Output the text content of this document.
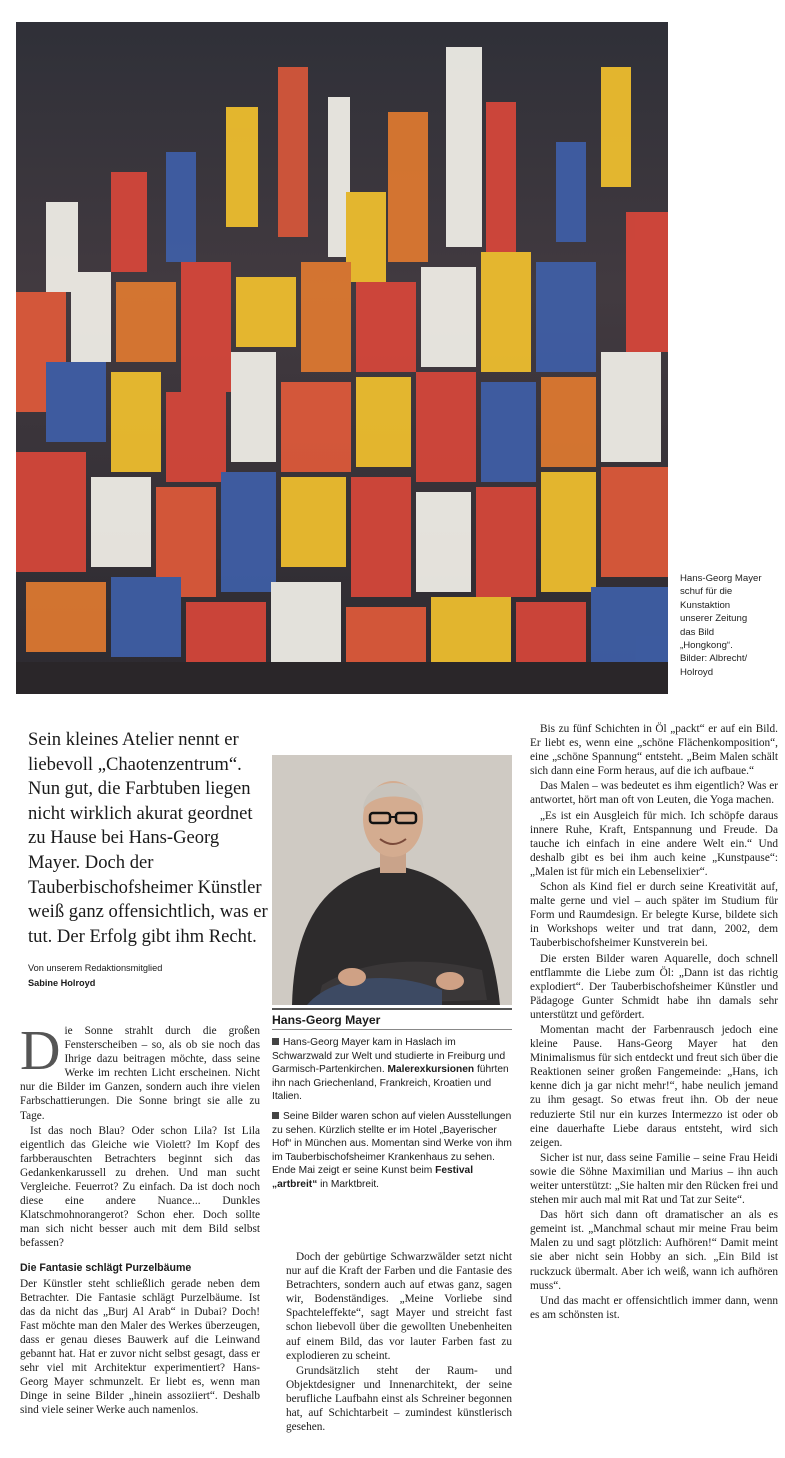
Hans-Georg Mayer
schuf für die
Kunstaktion
unserer Zeitung
das Bild
„Hongkong“.
Bilder: Albrecht/
Holroyd

Sein kleines Atelier nennt er liebevoll „Chaotenzentrum“. Nun gut, die Farbtuben liegen nicht wirklich akurat geordnet zu Hause bei Hans-Georg Mayer. Doch der Tauberbischofsheimer Künstler weiß ganz offensichtlich, was er tut. Der Erfolg gibt ihm Recht.

Von unserem Redaktionsmitglied
Sabine Holroyd

Die Sonne strahlt durch die großen Fensterscheiben – so, als ob sie noch das Ihrige dazu beitragen möchte, dass seine Werke im rechten Licht erscheinen. Nicht nur die Bilder im Ganzen, sondern auch ihre vielen Farbschattierungen. Die Sonne bringt sie alle zu Tage.

Ist das noch Blau? Oder schon Lila? Ist Lila eigentlich das Gleiche wie Violett? Im Kopf des farbberauschten Betrachters beginnt sich das Gedankenkarussell zu drehen. Und man sucht Vergleiche. Feuerrot? Zu einfach. Da ist doch noch diese eine andere Nuance... Dunkles Klatschmohnorangerot? Schon eher. Doch sollte man sich nicht besser auch mit dem Bild selbst befassen?

Die Fantasie schlägt Purzelbäume

Der Künstler steht schließlich gerade neben dem Betrachter. Die Fantasie schlägt Purzelbäume. Ist das da nicht das „Burj Al Arab“ in Dubai? Doch! Fast möchte man den Maler des Werkes überzeugen, dass er genau dieses Bauwerk auf die Leinwand gebannt hat. Hat er zuvor nicht selbst gesagt, dass er sehr viel mit Architektur experimentiert? Hans-Georg Mayer schmunzelt. Er liebt es, wenn man Dinge in seine Bilder „hinein assoziiert“. Deshalb sind viele seiner Werke auch namenlos.

Hans-Georg Mayer

Hans-Georg Mayer kam in Haslach im Schwarzwald zur Welt und studierte in Freiburg und Garmisch-Partenkirchen. Malerexkursionen führten ihn nach Griechenland, Frankreich, Kroatien und Italien.

Seine Bilder waren schon auf vielen Ausstellungen zu sehen. Kürzlich stellte er im Hotel „Bayerischer Hof“ in München aus. Momentan sind Werke von ihm im Tauberbischofsheimer Krankenhaus zu sehen. Ende Mai zeigt er seine Kunst beim Festival „artbreit“ in Marktbreit.

Doch der gebürtige Schwarzwälder setzt nicht nur auf die Kraft der Farben und die Fantasie des Betrachters, sondern auch auf etwas ganz, sagen wir, Bodenständiges. „Meine Vorliebe sind Spachteleffekte“, sagt Mayer und streicht fast schon liebevoll über die gewollten Unebenheiten auf einem Bild, das vor lauter Farben fast zu explodieren zu scheint.

Grundsätzlich steht der Raum- und Objektdesigner und Innenarchitekt, der seine berufliche Laufbahn einst als Schreiner begonnen hat, auf Schichtarbeit – zumindest künstlerisch gesehen.

Bis zu fünf Schichten in Öl „packt“ er auf ein Bild. Er liebt es, wenn eine „schöne Flächenkomposition“, eine „schöne Spannung“ entsteht. „Beim Malen schält sich dann eine Form heraus, auf die ich aufbaue.“

Das Malen – was bedeutet es ihm eigentlich? Was er antwortet, hört man oft von Leuten, die Yoga machen.

„Es ist ein Ausgleich für mich. Ich schöpfe daraus innere Ruhe, Kraft, Entspannung und Freude. Da tauche ich einfach in eine andere Welt ein.“ Und deshalb gibt es bei ihm auch keine „Kunstpause“: „Malen ist für mich ein Lebenselixier“.

Schon als Kind fiel er durch seine Kreativität auf, malte gerne und viel – auch später im Studium für Form und Raumdesign. Er belegte Kurse, bildete sich in Workshops weiter und trat dann, 2002, dem Tauberbischofsheimer Kunstverein bei.

Die ersten Bilder waren Aquarelle, doch schnell entflammte die Liebe zum Öl: „Dann ist das richtig explodiert“. Der Tauberbischofsheimer Künstler und Pädagoge Gunter Schmidt habe ihn damals sehr unterstützt und gefördert.

Momentan macht der Farbenrausch jedoch eine kleine Pause. Hans-Georg Mayer hat den Minimalismus für sich entdeckt und freut sich über die Reaktionen seiner großen Fangemeinde: „Hans, ich kenne dich ja gar nicht mehr!“, habe neulich jemand zu ihm gesagt. So etwas freut ihn. Ob der neue reduzierte Stil nur ein kurzes Intermezzo ist oder ob eine dauerhafte Liebe daraus entsteht, wird sich zeigen.

Sicher ist nur, dass seine Familie – seine Frau Heidi sowie die Söhne Maximilian und Marius – ihn auch weiter unterstützt: „Sie halten mir den Rücken frei und stehen mir auch mal mit Rat und Tat zur Seite“.

Das hört sich dann oft dramatischer an als es gemeint ist. „Manchmal schaut mir meine Frau beim Malen zu und sagt plötzlich: Aufhören!“ Damit meint sie aber nicht sein Hobby an sich. „Ein Bild ist ruckzuck übermalt. Aber ich weiß, wann ich aufhören muss“.

Und das macht er offensichtlich immer dann, wenn es am schönsten ist.
